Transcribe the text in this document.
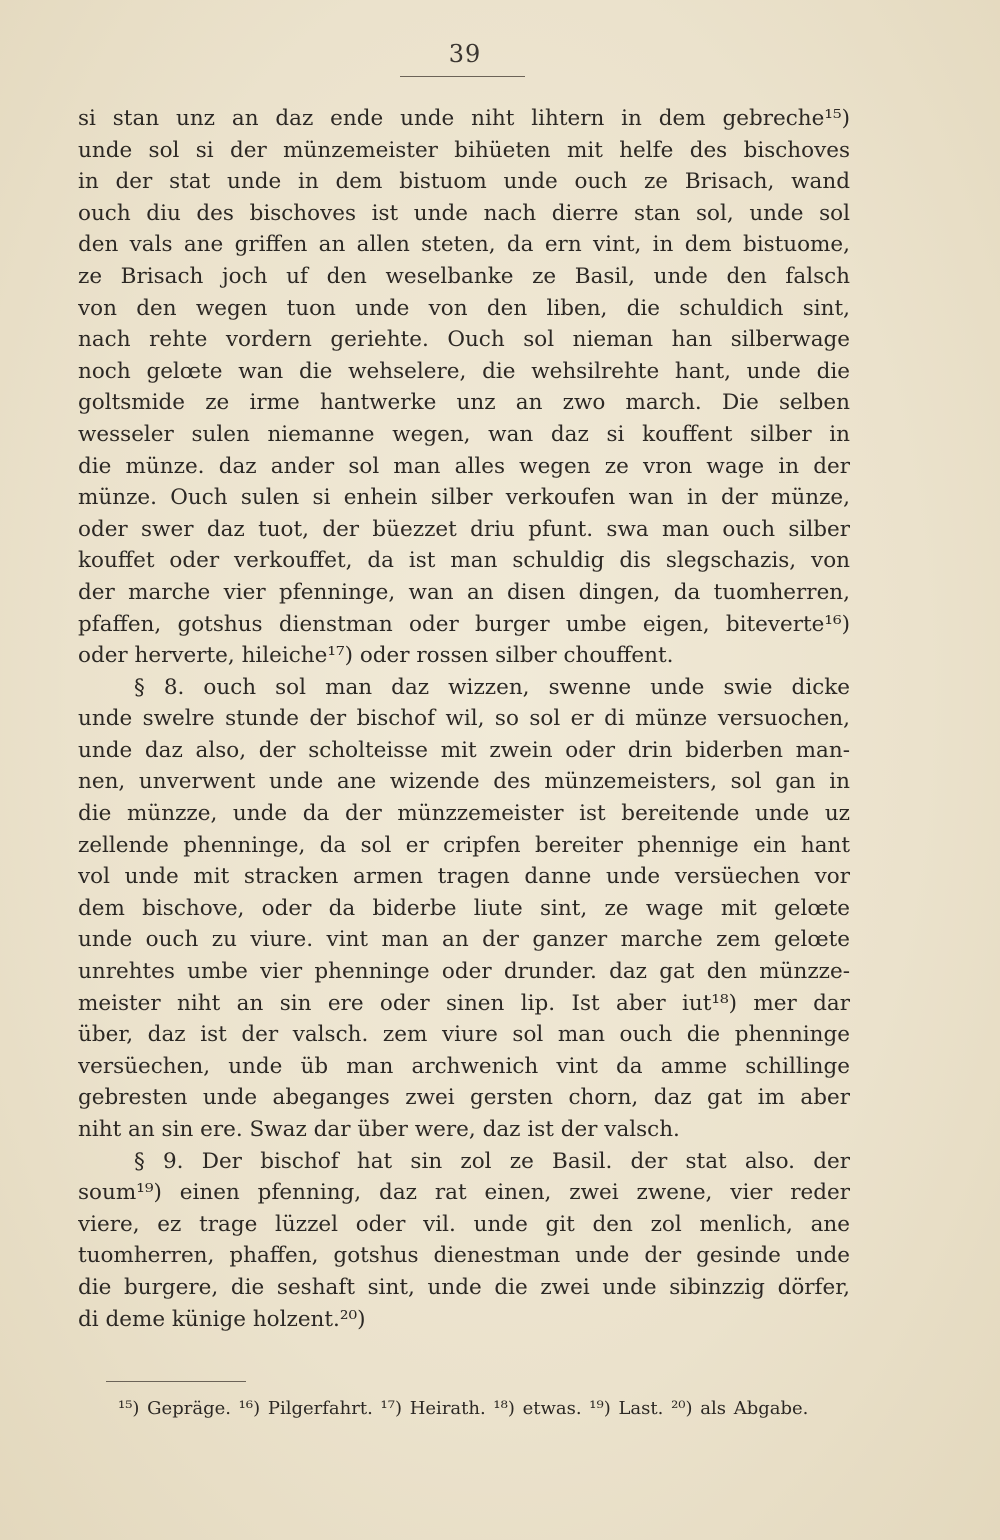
39
si stan unz an daz ende unde niht lihtern in dem gebreche¹⁵)
unde sol si der münzemeister bihüeten mit helfe des bischoves
in der stat unde in dem bistuom unde ouch ze Brisach, wand
ouch diu des bischoves ist unde nach dierre stan sol, unde sol
den vals ane griffen an allen steten, da ern vint, in dem bistuome,
ze Brisach joch uf den weselbanke ze Basil, unde den falsch
von den wegen tuon unde von den liben, die schuldich sint,
nach rehte vordern geriehte. Ouch sol nieman han silberwage
noch gelœte wan die wehselere, die wehsilrehte hant, unde die
goltsmide ze irme hantwerke unz an zwo march. Die selben
wesseler sulen niemanne wegen, wan daz si kouffent silber in
die münze. daz ander sol man alles wegen ze vron wage in der
münze. Ouch sulen si enhein silber verkoufen wan in der münze,
oder swer daz tuot, der büezzet driu pfunt. swa man ouch silber
kouffet oder verkouffet, da ist man schuldig dis slegschazis, von
der marche vier pfenninge, wan an disen dingen, da tuomherren,
pfaffen, gotshus dienstman oder burger umbe eigen, biteverte¹⁶)
oder herverte, hileiche¹⁷) oder rossen silber chouffent.
§ 8. ouch sol man daz wizzen, swenne unde swie dicke
unde swelre stunde der bischof wil, so sol er di münze versuochen,
unde daz also, der scholteisse mit zwein oder drin biderben man-
nen, unverwent unde ane wizende des münzemeisters, sol gan in
die münzze, unde da der münzzemeister ist bereitende unde uz
zellende phenninge, da sol er cripfen bereiter phennige ein hant
vol unde mit stracken armen tragen danne unde versüechen vor
dem bischove, oder da biderbe liute sint, ze wage mit gelœte
unde ouch zu viure. vint man an der ganzer marche zem gelœte
unrehtes umbe vier phenninge oder drunder. daz gat den münzze-
meister niht an sin ere oder sinen lip. Ist aber iut¹⁸) mer dar
über, daz ist der valsch. zem viure sol man ouch die phenninge
versüechen, unde üb man archwenich vint da amme schillinge
gebresten unde abeganges zwei gersten chorn, daz gat im aber
niht an sin ere. Swaz dar über were, daz ist der valsch.
§ 9. Der bischof hat sin zol ze Basil. der stat also. der
soum¹⁹) einen pfenning, daz rat einen, zwei zwene, vier reder
viere, ez trage lüzzel oder vil. unde git den zol menlich, ane
tuomherren, phaffen, gotshus dienestman unde der gesinde unde
die burgere, die seshaft sint, unde die zwei unde sibinzzig dörfer,
di deme künige holzent.²⁰)
¹⁵) Gepräge. ¹⁶) Pilgerfahrt. ¹⁷) Heirath. ¹⁸) etwas. ¹⁹) Last. ²⁰) als Abgabe.
